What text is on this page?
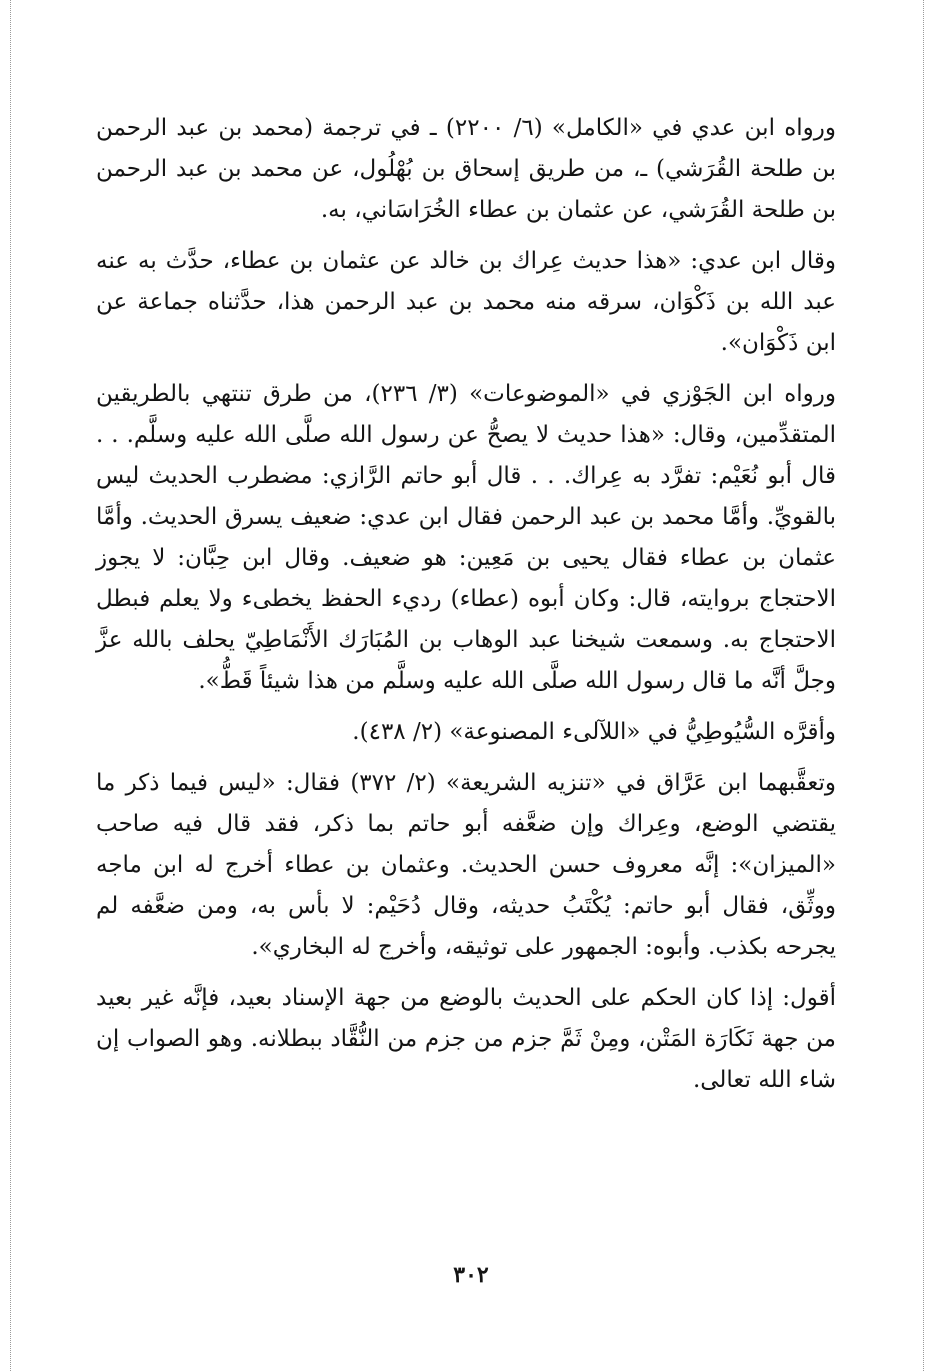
ورواه ابن عدي في «الكامل» (٦/ ٢٢٠٠) ـ في ترجمة (محمد بن عبد الرحمن بن طلحة القُرَشي) ـ، من طريق إسحاق بن بُهْلُول، عن محمد بن عبد الرحمن بن طلحة القُرَشي، عن عثمان بن عطاء الخُرَاسَاني، به.

وقال ابن عدي: «هذا حديث عِراك بن خالد عن عثمان بن عطاء، حدَّث به عنه عبد الله بن ذَكْوَان، سرقه منه محمد بن عبد الرحمن هذا، حدَّثناه جماعة عن ابن ذَكْوَان».

ورواه ابن الجَوْزي في «الموضوعات» (٣/ ٢٣٦)، من طرق تنتهي بالطريقين المتقدِّمين، وقال: «هذا حديث لا يصحُّ عن رسول الله صلَّى الله عليه وسلَّم. . . قال أبو نُعَيْم: تفرَّد به عِراك. . . قال أبو حاتم الرَّازي: مضطرب الحديث ليس بالقويِّ. وأمَّا محمد بن عبد الرحمن فقال ابن عدي: ضعيف يسرق الحديث. وأمَّا عثمان بن عطاء فقال يحيى بن مَعِين: هو ضعيف. وقال ابن حِبَّان: لا يجوز الاحتجاج بروايته، قال: وكان أبوه (عطاء) رديء الحفظ يخطىء ولا يعلم فبطل الاحتجاج به. وسمعت شيخنا عبد الوهاب بن المُبَارَك الأَنْمَاطِيّ يحلف بالله عزَّ وجلَّ أنَّه ما قال رسول الله صلَّى الله عليه وسلَّم من هذا شيئاً قَطُّ».

وأقرَّه السُّيُوطِيُّ في «اللآلىء المصنوعة» (٢/ ٤٣٨).

وتعقَّبهما ابن عَرَّاق في «تنزيه الشريعة» (٢/ ٣٧٢) فقال: «ليس فيما ذكر ما يقتضي الوضع، وعِراك وإن ضعَّفه أبو حاتم بما ذكر، فقد قال فيه صاحب «الميزان»: إنَّه معروف حسن الحديث. وعثمان بن عطاء أخرج له ابن ماجه ووثِّق، فقال أبو حاتم: يُكْتَبُ حديثه، وقال دُحَيْم: لا بأس به، ومن ضعَّفه لم يجرحه بكذب. وأبوه: الجمهور على توثيقه، وأخرج له البخاري».

أقول: إذا كان الحكم على الحديث بالوضع من جهة الإسناد بعيد، فإنَّه غير بعيد من جهة نَكَارَة المَتْن، ومِنْ ثَمَّ جزم من جزم من النُّقَّاد ببطلانه. وهو الصواب إن شاء الله تعالى.

٣٠٢
